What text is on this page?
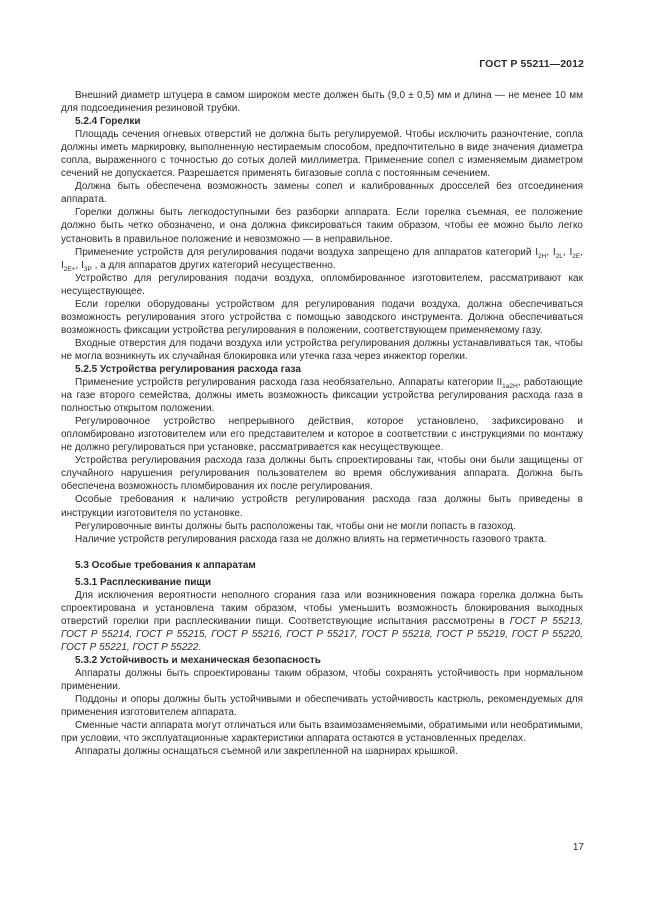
ГОСТ Р 55211—2012

Внешний диаметр штуцера в самом широком месте должен быть (9,0 ± 0,5) мм и длина — не менее 10 мм для подсоединения резиновой трубки.

5.2.4 Горелки

Площадь сечения огневых отверстий не должна быть регулируемой. Чтобы исключить разночтение, сопла должны иметь маркировку, выполненную нестираемым способом, предпочтительно в виде значения диаметра сопла, выраженного с точностью до сотых долей миллиметра. Применение сопел с изменяемым диаметром сечений не допускается. Разрешается применять бигазовые сопла с постоянным сечением.

Должна быть обеспечена возможность замены сопел и калиброванных дросселей без отсоединения аппарата.

Горелки должны быть легкодоступными без разборки аппарата. Если горелка съемная, ее положение должно быть четко обозначено, и она должна фиксироваться таким образом, чтобы ее можно было легко установить в правильное положение и невозможно — в неправильное.

Применение устройств для регулирования подачи воздуха запрещено для аппаратов категорий $I_{2H}$, $I_{2L}$, $I_{2E}$, $I_{2E+}$, $I_{3P}$ , а для аппаратов других категорий несущественно.

Устройство для регулирования подачи воздуха, опломбированное изготовителем, рассматривают как несуществующее.

Если горелки оборудованы устройством для регулирования подачи воздуха, должна обеспечиваться возможность регулирования этого устройства с помощью заводского инструмента. Должна обеспечиваться возможность фиксации устройства регулирования в положении, соответствующем применяемому газу.

Входные отверстия для подачи воздуха или устройства регулирования должны устанавливаться так, чтобы не могла возникнуть их случайная блокировка или утечка газа через инжектор горелки.

5.2.5 Устройства регулирования расхода газа

Применение устройств регулирования расхода газа необязательно. Аппараты категории $II_{1a2H}$, работающие на газе второго семейства, должны иметь возможность фиксации устройства регулирования расхода газа в полностью открытом положении.

Регулировочное устройство непрерывного действия, которое установлено, зафиксировано и опломбировано изготовителем или его представителем и которое в соответствии с инструкциями по монтажу не должно регулироваться при установке, рассматривается как несуществующее.

Устройства регулирования расхода газа должны быть спроектированы так, чтобы они были защищены от случайного нарушения регулирования пользователем во время обслуживания аппарата. Должна быть обеспечена возможность пломбирования их после регулирования.

Особые требования к наличию устройств регулирования расхода газа должны быть приведены в инструкции изготовителя по установке.

Регулировочные винты должны быть расположены так, чтобы они не могли попасть в газоход.

Наличие устройств регулирования расхода газа не должно влиять на герметичность газового тракта.

5.3 Особые требования к аппаратам
5.3.1 Расплескивание пищи

Для исключения вероятности неполного сгорания газа или возникновения пожара горелка должна быть спроектирована и установлена таким образом, чтобы уменьшить возможность блокирования выходных отверстий горелки при расплескивании пищи. Соответствующие испытания рассмотрены в ГОСТ Р 55213, ГОСТ Р 55214, ГОСТ Р 55215, ГОСТ Р 55216, ГОСТ Р 55217, ГОСТ Р 55218, ГОСТ Р 55219, ГОСТ Р 55220, ГОСТ Р 55221, ГОСТ Р 55222.

5.3.2 Устойчивость и механическая безопасность

Аппараты должны быть спроектированы таким образом, чтобы сохранять устойчивость при нормальном применении.

Поддоны и опоры должны быть устойчивыми и обеспечивать устойчивость кастрюль, рекомендуемых для применения изготовителем аппарата.

Сменные части аппарата могут отличаться или быть взаимозаменяемыми, обратимыми или необратимыми, при условии, что эксплуатационные характеристики аппарата остаются в установленных пределах.

Аппараты должны оснащаться съемной или закрепленной на шарнирах крышкой.

17
